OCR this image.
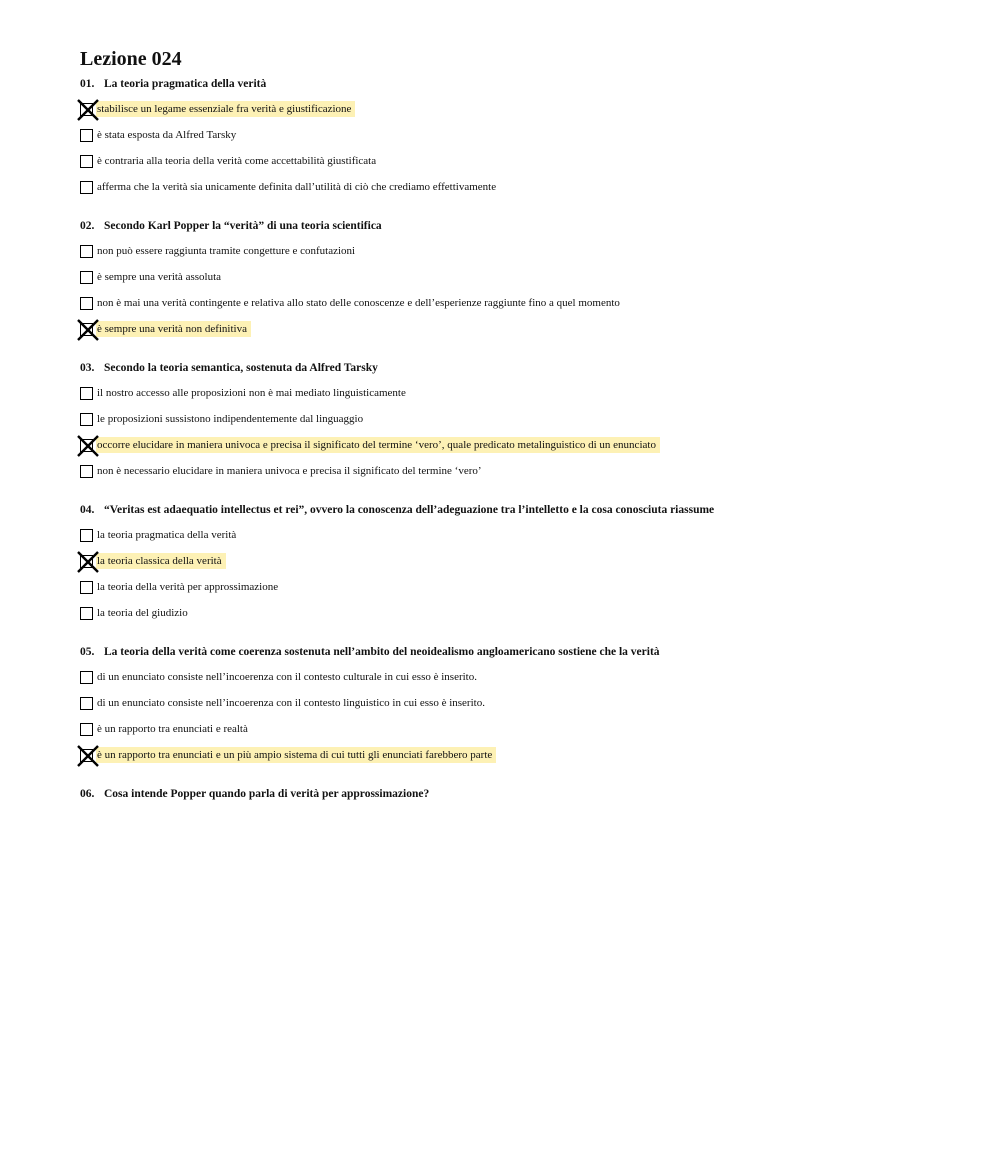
Lezione 024
01. La teoria pragmatica della verità
stabilisce un legame essenziale fra verità e giustificazione
è stata esposta da Alfred Tarsky
è contraria alla teoria della verità come accettabilità giustificata
afferma che la verità sia unicamente definita dall’utilità di ciò che crediamo effettivamente
02. Secondo Karl Popper la “verità” di una teoria scientifica
non può essere raggiunta tramite congetture e confutazioni
è sempre una verità assoluta
non è mai una verità contingente e relativa allo stato delle conoscenze e dell’esperienze raggiunte fino a quel momento
è sempre una verità non definitiva
03. Secondo la teoria semantica, sostenuta da Alfred Tarsky
il nostro accesso alle proposizioni non è mai mediato linguisticamente
le proposizioni sussistono indipendentemente dal linguaggio
occorre elucidare in maniera univoca e precisa il significato del termine ‘vero’, quale predicato metalinguistico di un enunciato
non è necessario elucidare in maniera univoca e precisa il significato del termine ‘vero’
04. “Veritas est adaequatio intellectus et rei”, ovvero la conoscenza dell’adeguazione tra l’intelletto e la cosa conosciuta riassume
la teoria pragmatica della verità
la teoria classica della verità
la teoria della verità per approssimazione
la teoria del giudizio
05. La teoria della verità come coerenza sostenuta nell’ambito del neoidealismo angloamericano sostiene che la verità
di un enunciato consiste nell’incoerenza con il contesto culturale in cui esso è inserito.
di un enunciato consiste nell’incoerenza con il contesto linguistico in cui esso è inserito.
è un rapporto tra enunciati e realtà
è un rapporto tra enunciati e un più ampio sistema di cui tutti gli enunciati farebbero parte
06. Cosa intende Popper quando parla di verità per approssimazione?
